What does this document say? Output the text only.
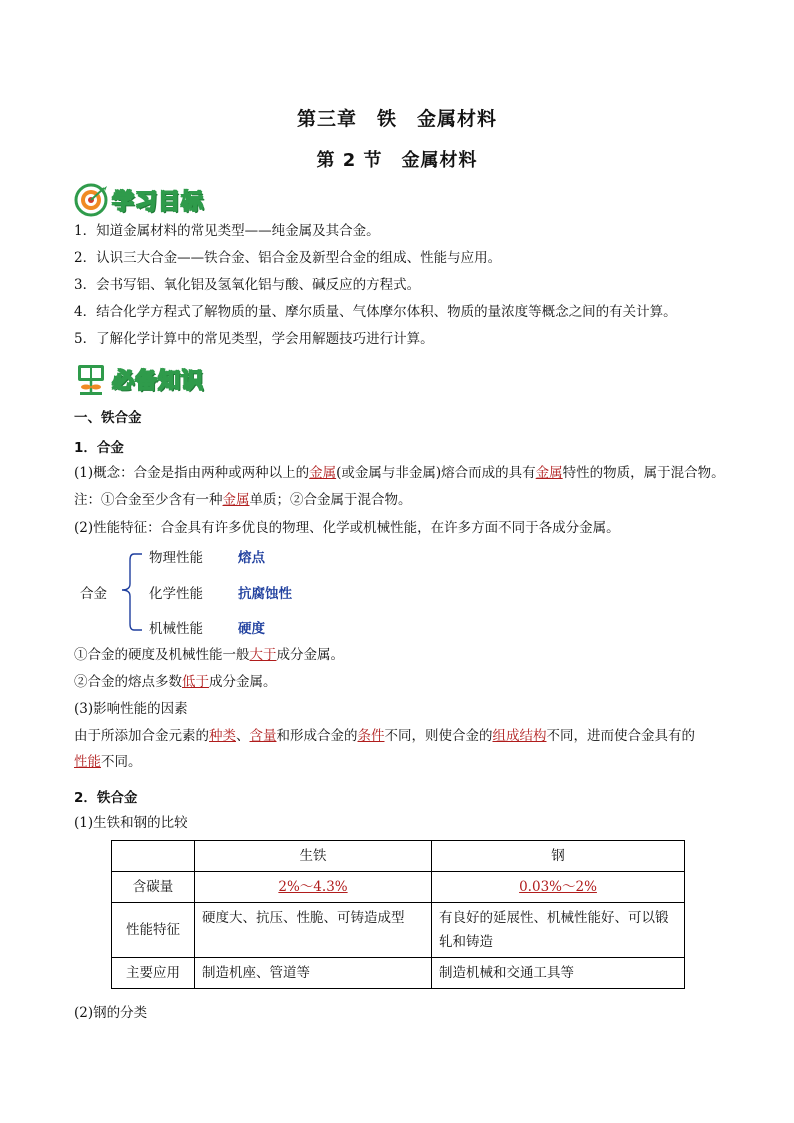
第三章　铁　金属材料
第 2 节　金属材料
学习目标
1．知道金属材料的常见类型——纯金属及其合金。
2．认识三大合金——铁合金、铝合金及新型合金的组成、性能与应用。
3．会书写铝、氧化铝及氢氧化铝与酸、碱反应的方程式。
4．结合化学方程式了解物质的量、摩尔质量、气体摩尔体积、物质的量浓度等概念之间的有关计算。
5．了解化学计算中的常见类型，学会用解题技巧进行计算。
必备知识
一、铁合金
1．合金
(1)概念：合金是指由两种或两种以上的金属(或金属与非金属)熔合而成的具有金属特性的物质，属于混合物。
注：①合金至少含有一种金属单质；②合金属于混合物。
(2)性能特征：合金具有许多优良的物理、化学或机械性能，在许多方面不同于各成分金属。
合金
物理性能	熔点
化学性能	抗腐蚀性
机械性能	硬度
①合金的硬度及机械性能一般大于成分金属。
②合金的熔点多数低于成分金属。
(3)影响性能的因素
由于所添加合金元素的种类、含量和形成合金的条件不同，则使合金的组成结构不同，进而使合金具有的
性能不同。
2．铁合金
(1)生铁和钢的比较
	生铁	钢
含碳量	2%～4.3%	0.03%～2%
性能特征	硬度大、抗压、性脆、可铸造成型	有良好的延展性、机械性能好、可以锻
轧和铸造
主要应用	制造机座、管道等	制造机械和交通工具等
(2)钢的分类
